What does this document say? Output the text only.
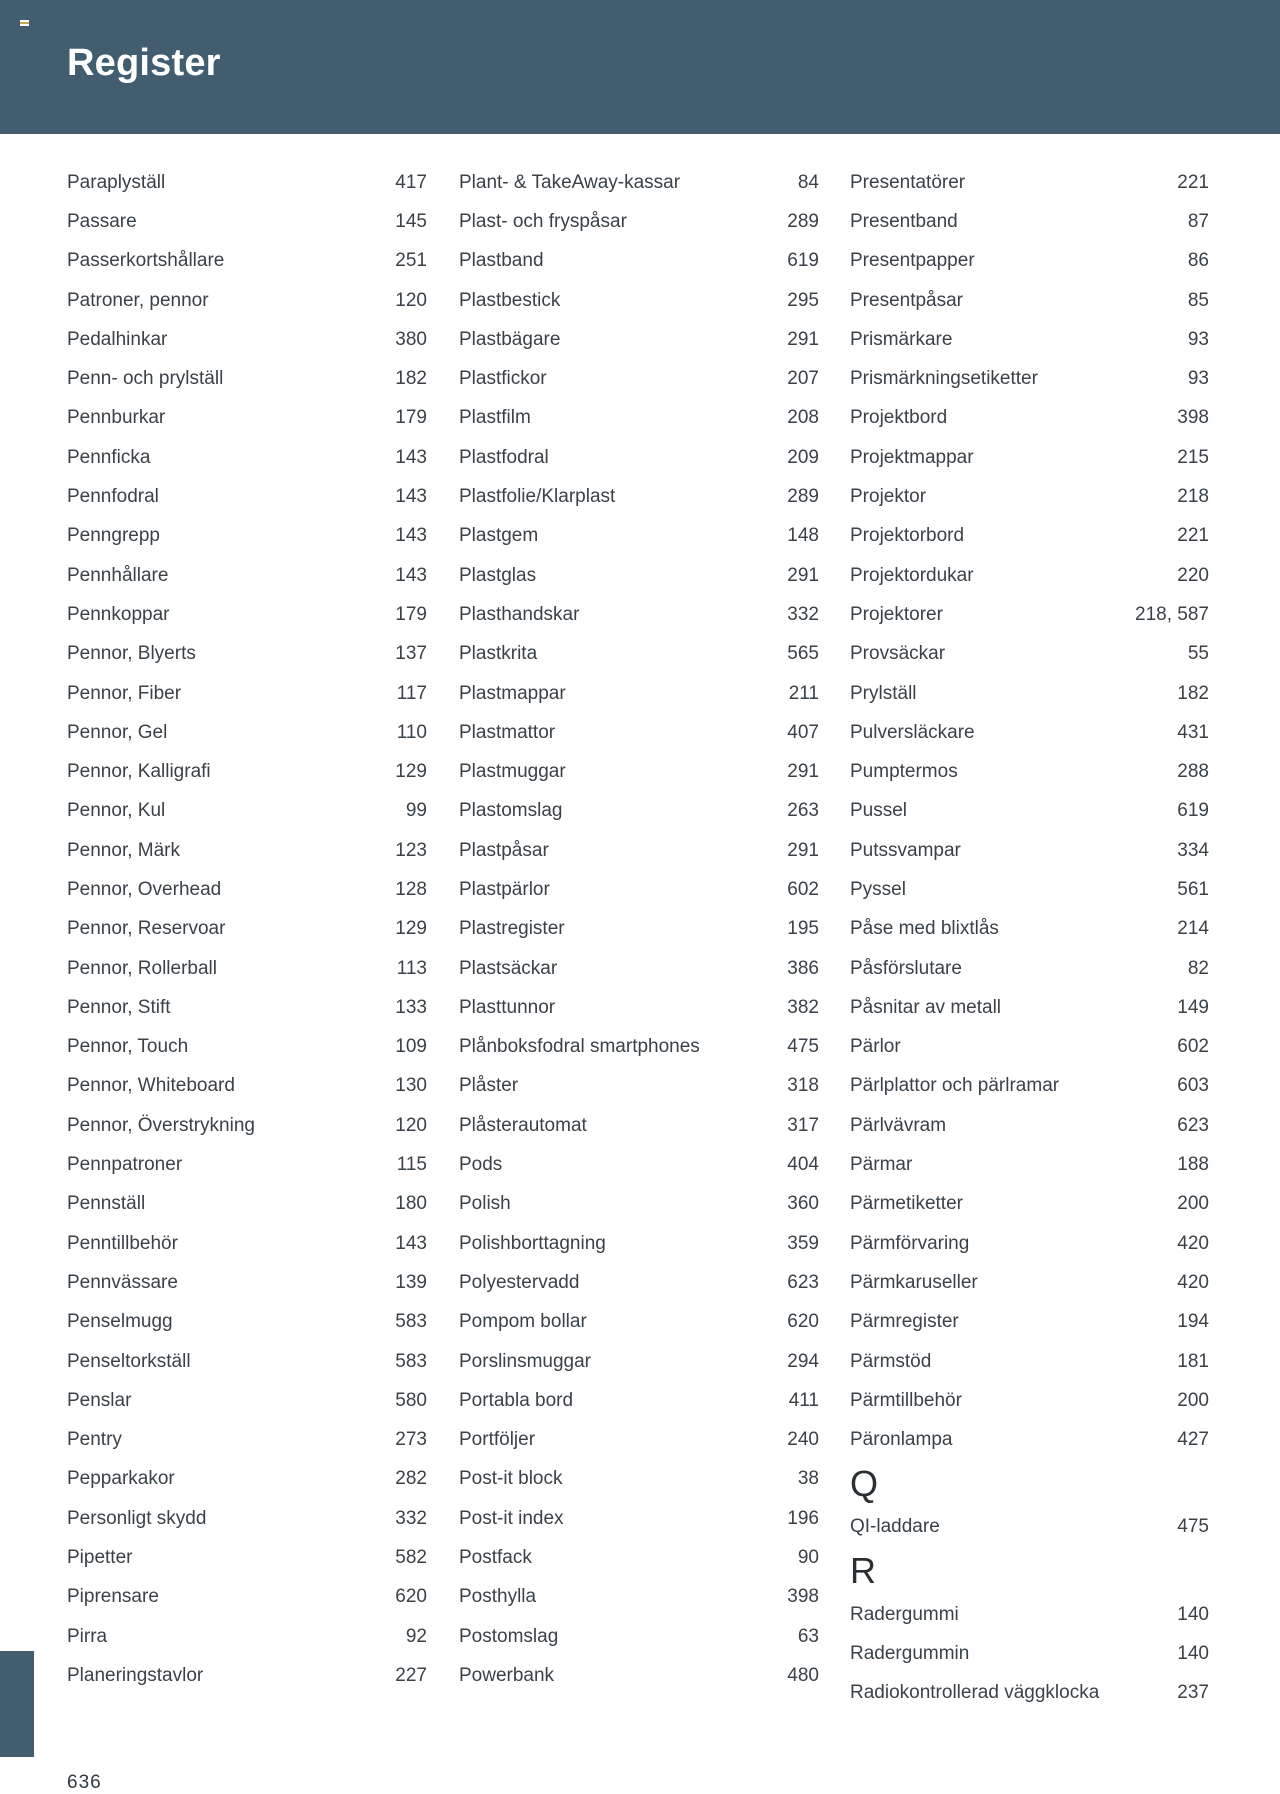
Register
Paraplyställ	417
Passare	145
Passerkortshållare	251
Patroner, pennor	120
Pedalhinkar	380
Penn- och prylställ	182
Pennburkar	179
Pennficka	143
Pennfodral	143
Penngrepp	143
Pennhållare	143
Pennkoppar	179
Pennor, Blyerts	137
Pennor, Fiber	117
Pennor, Gel	110
Pennor, Kalligrafi	129
Pennor, Kul	99
Pennor, Märk	123
Pennor, Overhead	128
Pennor, Reservoar	129
Pennor, Rollerball	113
Pennor, Stift	133
Pennor, Touch	109
Pennor, Whiteboard	130
Pennor, Överstrykning	120
Pennpatroner	115
Pennställ	180
Penntillbehör	143
Pennvässare	139
Penselmugg	583
Penseltorkställ	583
Penslar	580
Pentry	273
Pepparkakor	282
Personligt skydd	332
Pipetter	582
Piprensare	620
Pirra	92
Planeringstavlor	227
Plant- & TakeAway-kassar	84
Plast- och fryspåsar	289
Plastband	619
Plastbestick	295
Plastbägare	291
Plastfickor	207
Plastfilm	208
Plastfodral	209
Plastfolie/Klarplast	289
Plastgem	148
Plastglas	291
Plasthandskar	332
Plastkrita	565
Plastmappar	211
Plastmattor	407
Plastmuggar	291
Plastomslag	263
Plastpåsar	291
Plastpärlor	602
Plastregister	195
Plastsäckar	386
Plasttunnor	382
Plånboksfodral smartphones	475
Plåster	318
Plåsterautomat	317
Pods	404
Polish	360
Polishborttagning	359
Polyestervadd	623
Pompom bollar	620
Porslinsmuggar	294
Portabla bord	411
Portföljer	240
Post-it block	38
Post-it index	196
Postfack	90
Posthylla	398
Postomslag	63
Powerbank	480
Presentatörer	221
Presentband	87
Presentpapper	86
Presentpåsar	85
Prismärkare	93
Prismärkningsetiketter	93
Projektbord	398
Projektmappar	215
Projektor	218
Projektorbord	221
Projektordukar	220
Projektorer	218, 587
Provsäckar	55
Prylställ	182
Pulversläckare	431
Pumptermos	288
Pussel	619
Putssvampar	334
Pyssel	561
Påse med blixtlås	214
Påsförslutare	82
Påsnitar av metall	149
Pärlor	602
Pärlplattor och pärlramar	603
Pärlvävram	623
Pärmar	188
Pärmetiketter	200
Pärmförvaring	420
Pärmkaruseller	420
Pärmregister	194
Pärmstöd	181
Pärmtillbehör	200
Päronlampa	427
Q
QI-laddare	475
R
Radergummi	140
Radergummin	140
Radiokontrollerad väggklocka	237
636
